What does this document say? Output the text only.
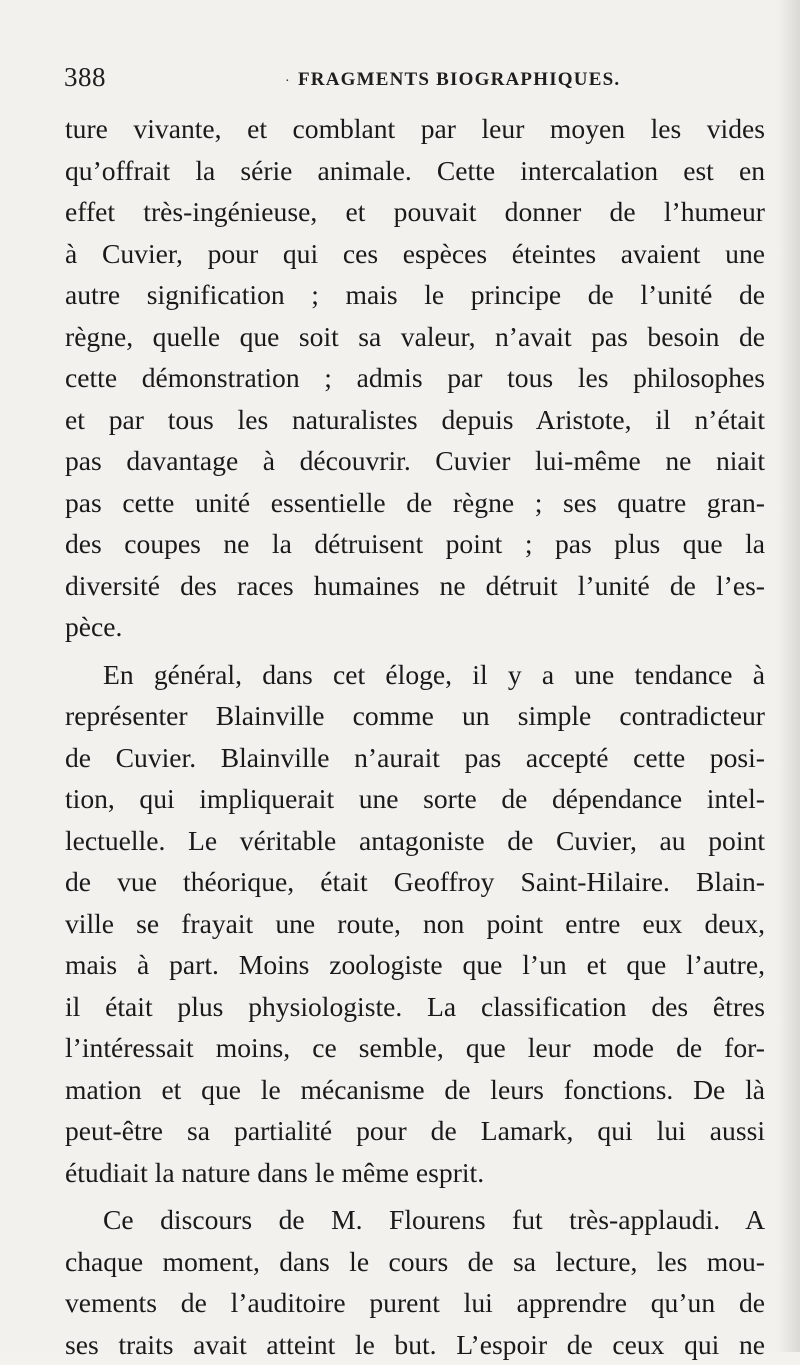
388	· FRAGMENTS BIOGRAPHIQUES.
ture vivante, et comblant par leur moyen les vides
qu’offrait la série animale. Cette intercalation est en
effet très-ingénieuse, et pouvait donner de l’humeur
à Cuvier, pour qui ces espèces éteintes avaient une
autre signification ; mais le principe de l’unité de
règne, quelle que soit sa valeur, n’avait pas besoin de
cette démonstration ; admis par tous les philosophes
et par tous les naturalistes depuis Aristote, il n’était
pas davantage à découvrir. Cuvier lui-même ne niait
pas cette unité essentielle de règne ; ses quatre gran-
des coupes ne la détruisent point ; pas plus que la
diversité des races humaines ne détruit l’unité de l’es-
pèce.
En général, dans cet éloge, il y a une tendance à
représenter Blainville comme un simple contradicteur
de Cuvier. Blainville n’aurait pas accepté cette posi-
tion, qui impliquerait une sorte de dépendance intel-
lectuelle. Le véritable antagoniste de Cuvier, au point
de vue théorique, était Geoffroy Saint-Hilaire. Blain-
ville se frayait une route, non point entre eux deux,
mais à part. Moins zoologiste que l’un et que l’autre,
il était plus physiologiste. La classification des êtres
l’intéressait moins, ce semble, que leur mode de for-
mation et que le mécanisme de leurs fonctions. De là
peut-être sa partialité pour de Lamark, qui lui aussi
étudiait la nature dans le même esprit.
Ce discours de M. Flourens fut très-applaudi. A
chaque moment, dans le cours de sa lecture, les mou-
vements de l’auditoire purent lui apprendre qu’un de
ses traits avait atteint le but. L’espoir de ceux qui ne
